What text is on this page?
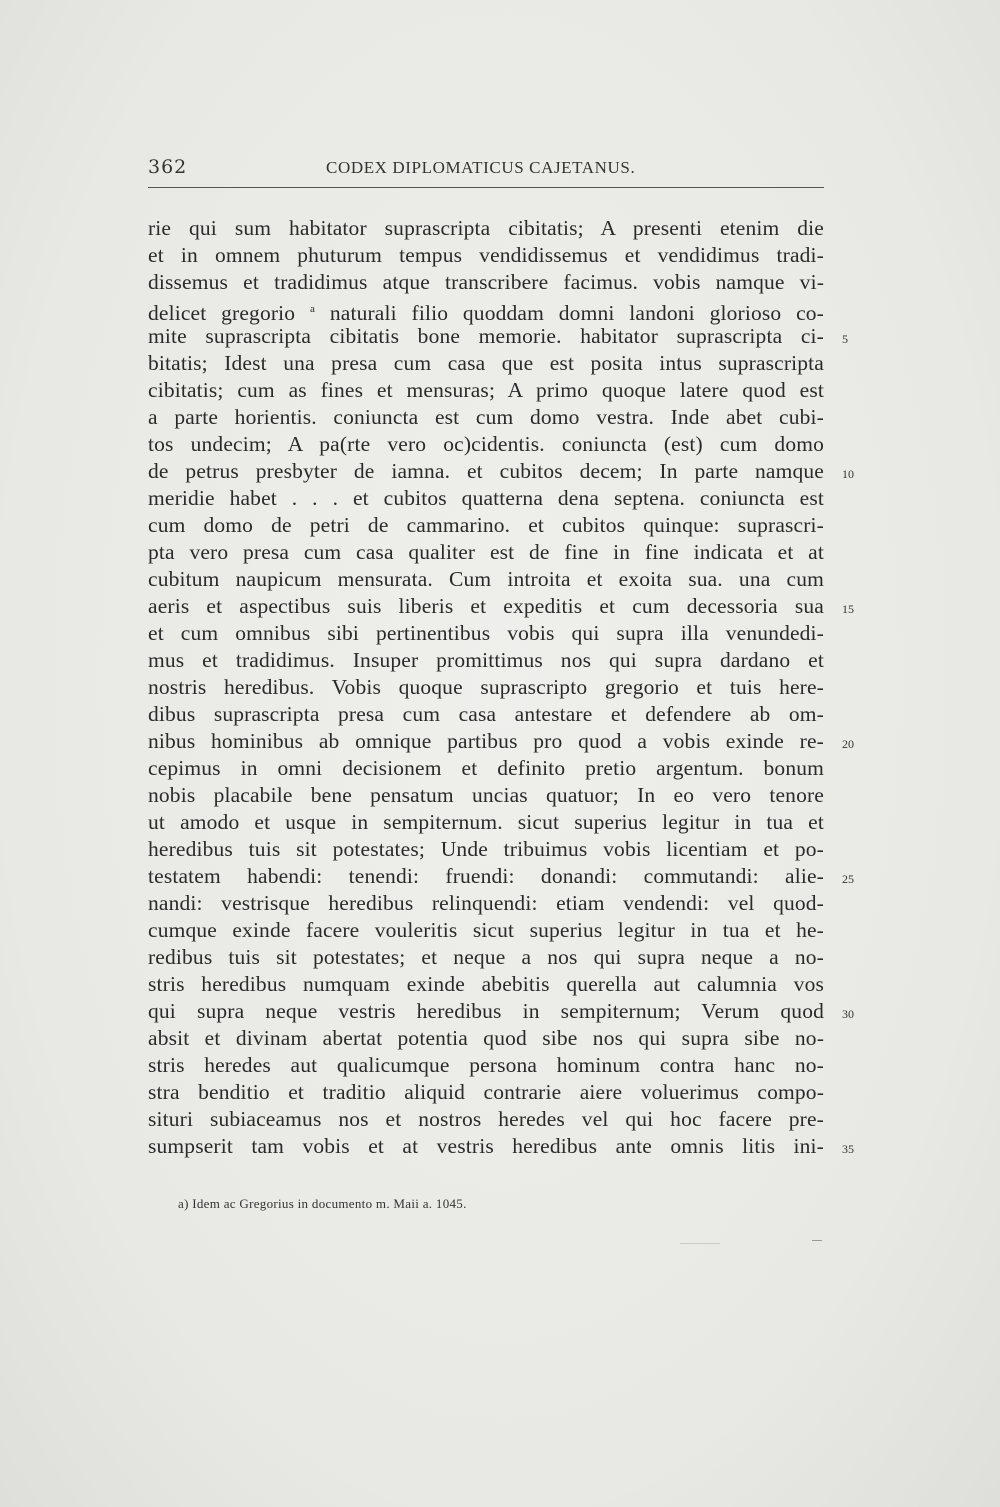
362	CODEX DIPLOMATICUS CAJETANUS.
rie qui sum habitator suprascripta cibitatis; A presenti etenim die
et in omnem phuturum tempus vendidissemus et vendidimus tradi-
dissemus et tradidimus atque transcribere facimus. vobis namque vi-
delicet gregorio $^a$ naturali filio quoddam domni landoni glorioso co-
mite suprascripta cibitatis bone memorie. habitator suprascripta ci-
bitatis; Idest una presa cum casa que est posita intus suprascripta
cibitatis; cum as fines et mensuras; A primo quoque latere quod est
a parte horientis. coniuncta est cum domo vestra. Inde abet cubi-
tos undecim; A pa(rte vero oc)cidentis. coniuncta (est) cum domo
de petrus presbyter de iamna. et cubitos decem; In parte namque
meridie habet . . . et cubitos quatterna dena septena. coniuncta est
cum domo de petri de cammarino. et cubitos quinque: suprascri-
pta vero presa cum casa qualiter est de fine in fine indicata et at
cubitum naupicum mensurata. Cum introita et exoita sua. una cum
aeris et aspectibus suis liberis et expeditis et cum decessoria sua
et cum omnibus sibi pertinentibus vobis qui supra illa venundedi-
mus et tradidimus. Insuper promittimus nos qui supra dardano et
nostris heredibus. Vobis quoque suprascripto gregorio et tuis here-
dibus suprascripta presa cum casa antestare et defendere ab om-
nibus hominibus ab omnique partibus pro quod a vobis exinde re-
cepimus in omni decisionem et definito pretio argentum. bonum
nobis placabile bene pensatum uncias quatuor; In eo vero tenore
ut amodo et usque in sempiternum. sicut superius legitur in tua et
heredibus tuis sit potestates; Unde tribuimus vobis licentiam et po-
testatem habendi: tenendi: fruendi: donandi: commutandi: alie-
nandi: vestrisque heredibus relinquendi: etiam vendendi: vel quod-
cumque exinde facere vouleritis sicut superius legitur in tua et he-
redibus tuis sit potestates; et neque a nos qui supra neque a no-
stris heredibus numquam exinde abebitis querella aut calumnia vos
qui supra neque vestris heredibus in sempiternum; Verum quod
absit et divinam abertat potentia quod sibe nos qui supra sibe no-
stris heredes aut qualicumque persona hominum contra hanc no-
stra benditio et traditio aliquid contrarie aiere voluerimus compo-
situri subiaceamus nos et nostros heredes vel qui hoc facere pre-
sumpserit tam vobis et at vestris heredibus ante omnis litis ini-
5
10
15
20
25
30
35
a) Idem ac Gregorius in documento m. Maii a. 1045.
